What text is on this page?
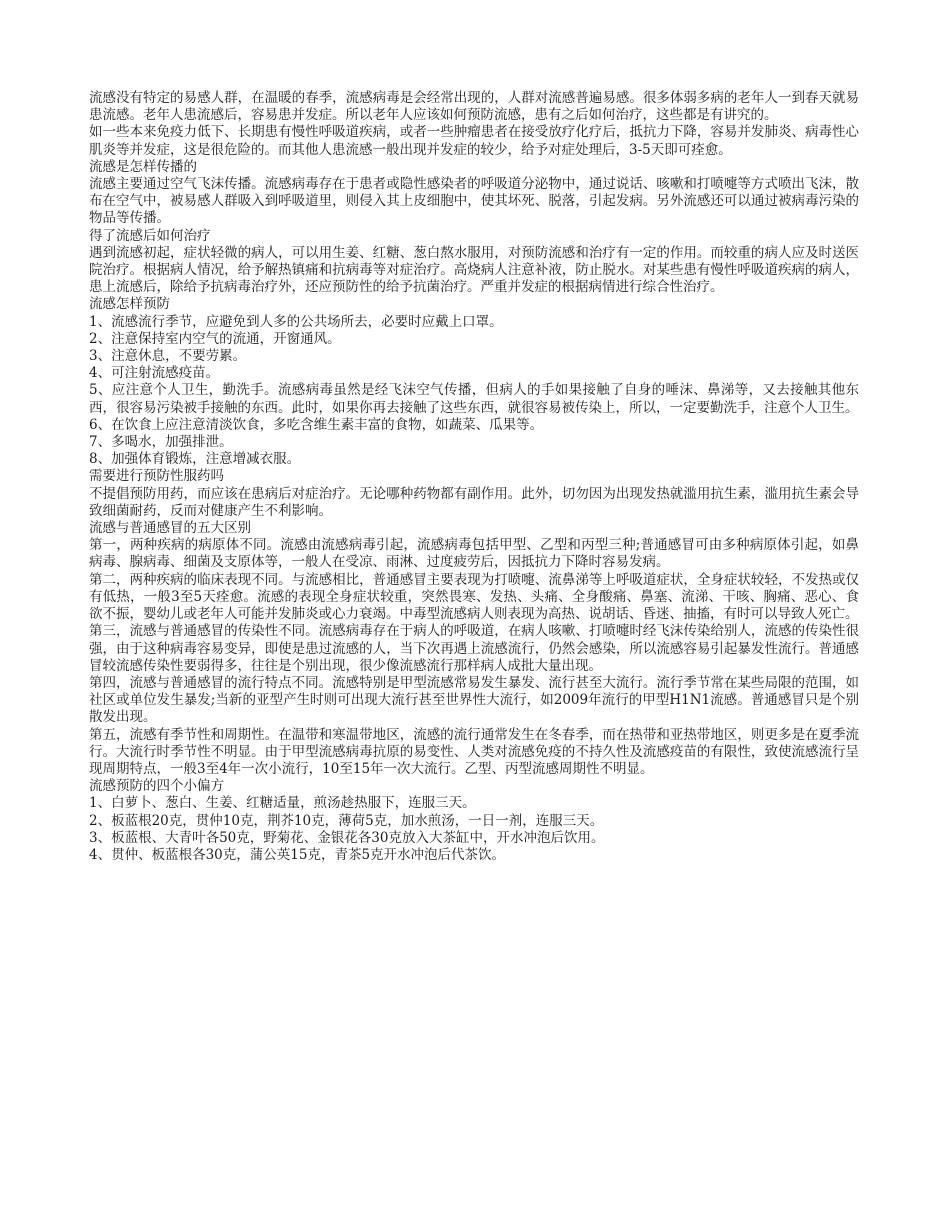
流感没有特定的易感人群，在温暖的春季，流感病毒是会经常出现的，人群对流感普遍易感。很多体弱多病的老年人一到春天就易患流感。老年人患流感后，容易患并发症。所以老年人应该如何预防流感，患有之后如何治疗，这些都是有讲究的。

如一些本来免疫力低下、长期患有慢性呼吸道疾病，或者一些肿瘤患者在接受放疗化疗后，抵抗力下降，容易并发肺炎、病毒性心肌炎等并发症，这是很危险的。而其他人患流感一般出现并发症的较少，给予对症处理后，3-5天即可痊愈。

流感是怎样传播的

流感主要通过空气飞沫传播。流感病毒存在于患者或隐性感染者的呼吸道分泌物中，通过说话、咳嗽和打喷嚏等方式喷出飞沫，散布在空气中，被易感人群吸入到呼吸道里，则侵入其上皮细胞中，使其坏死、脱落，引起发病。另外流感还可以通过被病毒污染的物品等传播。

得了流感后如何治疗

遇到流感初起，症状轻微的病人，可以用生姜、红糖、葱白熬水服用，对预防流感和治疗有一定的作用。而较重的病人应及时送医院治疗。根据病人情况，给予解热镇痛和抗病毒等对症治疗。高烧病人注意补液，防止脱水。对某些患有慢性呼吸道疾病的病人，患上流感后，除给予抗病毒治疗外，还应预防性的给予抗菌治疗。严重并发症的根据病情进行综合性治疗。

流感怎样预防

1、流感流行季节，应避免到人多的公共场所去，必要时应戴上口罩。

2、注意保持室内空气的流通，开窗通风。

3、注意休息，不要劳累。

4、可注射流感疫苗。

5、应注意个人卫生，勤洗手。流感病毒虽然是经飞沫空气传播，但病人的手如果接触了自身的唾沫、鼻涕等，又去接触其他东西，很容易污染被手接触的东西。此时，如果你再去接触了这些东西，就很容易被传染上，所以，一定要勤洗手，注意个人卫生。

6、在饮食上应注意清淡饮食，多吃含维生素丰富的食物，如蔬菜、瓜果等。

7、多喝水，加强排泄。

8、加强体育锻炼，注意增减衣服。

需要进行预防性服药吗

不提倡预防用药，而应该在患病后对症治疗。无论哪种药物都有副作用。此外，切勿因为出现发热就滥用抗生素，滥用抗生素会导致细菌耐药，反而对健康产生不利影响。

流感与普通感冒的五大区别

第一，两种疾病的病原体不同。流感由流感病毒引起，流感病毒包括甲型、乙型和丙型三种;普通感冒可由多种病原体引起，如鼻病毒、腺病毒、细菌及支原体等，一般人在受凉、雨淋、过度疲劳后，因抵抗力下降时容易发病。

第二，两种疾病的临床表现不同。与流感相比，普通感冒主要表现为打喷嚏、流鼻涕等上呼吸道症状，全身症状较轻，不发热或仅有低热，一般3至5天痊愈。流感的表现全身症状较重，突然畏寒、发热、头痛、全身酸痛、鼻塞、流涕、干咳、胸痛、恶心、食欲不振，婴幼儿或老年人可能并发肺炎或心力衰竭。中毒型流感病人则表现为高热、说胡话、昏迷、抽搐，有时可以导致人死亡。

第三，流感与普通感冒的传染性不同。流感病毒存在于病人的呼吸道，在病人咳嗽、打喷嚏时经飞沫传染给别人，流感的传染性很强，由于这种病毒容易变异，即使是患过流感的人，当下次再遇上流感流行，仍然会感染，所以流感容易引起暴发性流行。普通感冒较流感传染性要弱得多，往往是个别出现，很少像流感流行那样病人成批大量出现。

第四，流感与普通感冒的流行特点不同。流感特别是甲型流感常易发生暴发、流行甚至大流行。流行季节常在某些局限的范围，如社区或单位发生暴发;当新的亚型产生时则可出现大流行甚至世界性大流行，如2009年流行的甲型H1N1流感。普通感冒只是个别散发出现。

第五，流感有季节性和周期性。在温带和寒温带地区，流感的流行通常发生在冬春季，而在热带和亚热带地区，则更多是在夏季流行。大流行时季节性不明显。由于甲型流感病毒抗原的易变性、人类对流感免疫的不持久性及流感疫苗的有限性，致使流感流行呈现周期特点，一般3至4年一次小流行，10至15年一次大流行。乙型、丙型流感周期性不明显。

流感预防的四个小偏方

1、白萝卜、葱白、生姜、红糖适量，煎汤趁热服下，连服三天。

2、板蓝根20克，贯仲10克，荆芥10克，薄荷5克，加水煎汤，一日一剂，连服三天。

3、板蓝根、大青叶各50克，野菊花、金银花各30克放入大茶缸中，开水冲泡后饮用。

4、贯仲、板蓝根各30克，蒲公英15克，青茶5克开水冲泡后代茶饮。
